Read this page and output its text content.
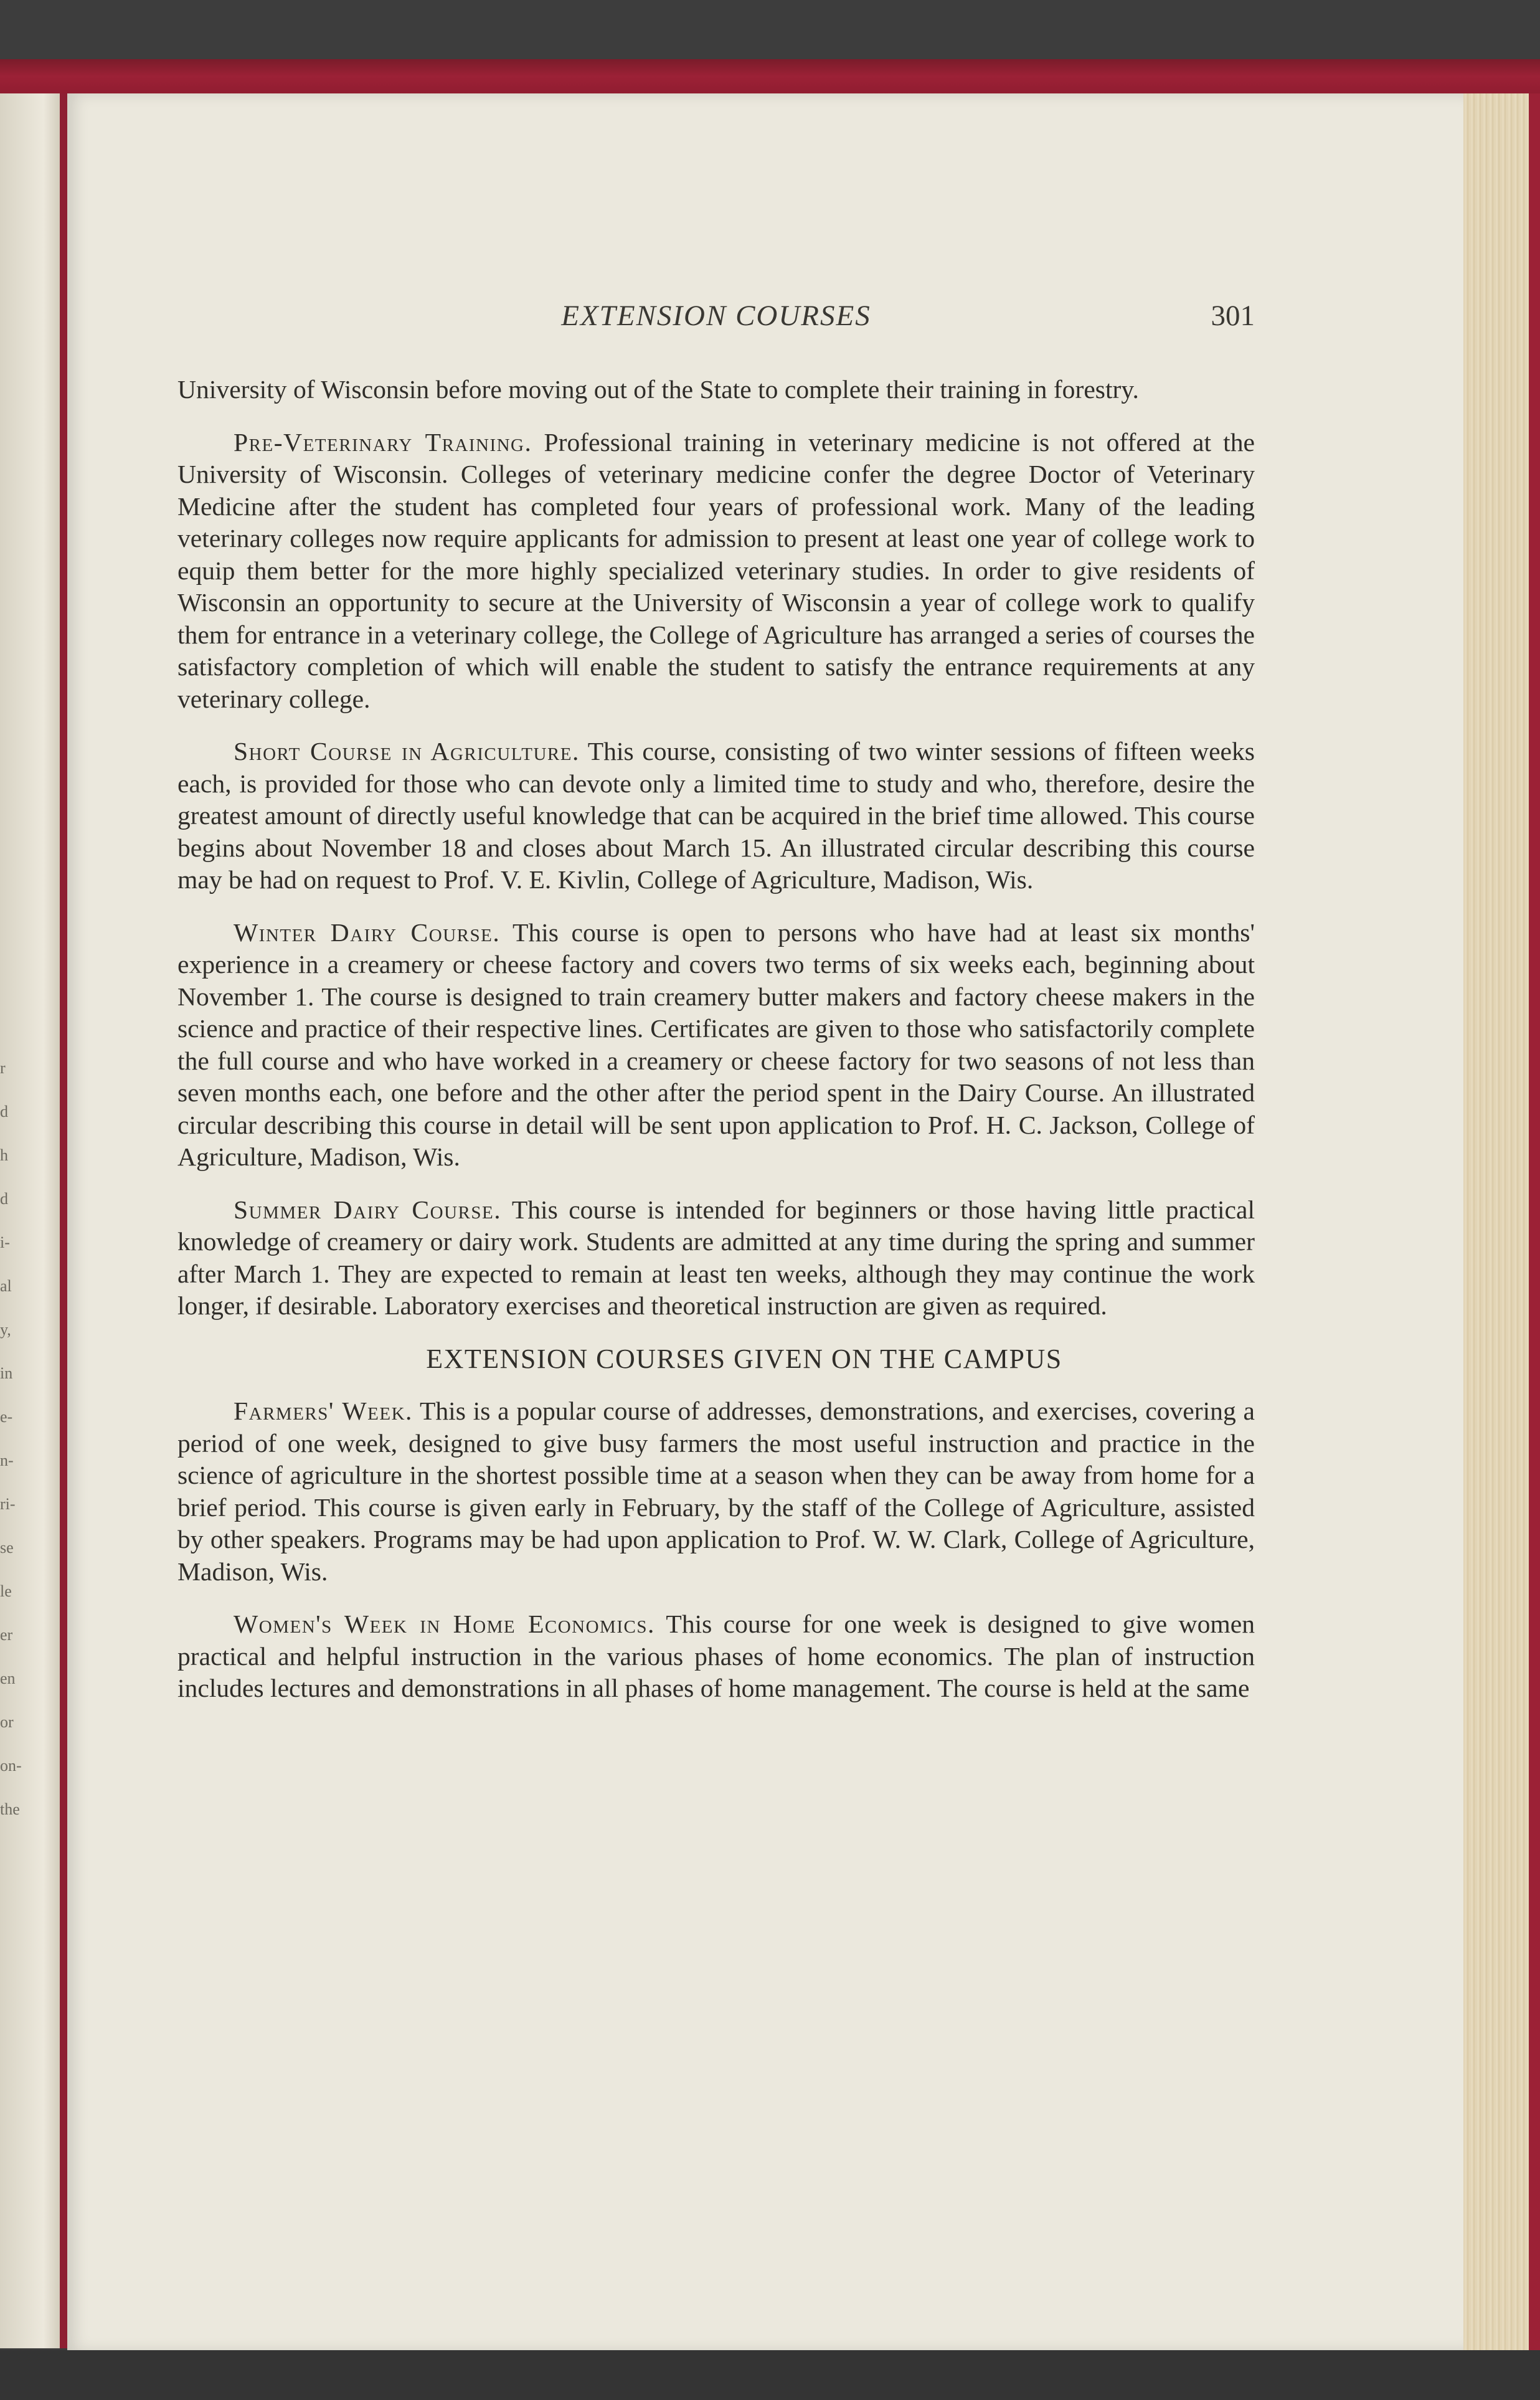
r
d
h
d
i-
al
y,
in
e-
n-
ri-
se
le
er
en
or
on-
the
EXTENSION COURSES	301

University of Wisconsin before moving out of the State to complete their training in forestry.

Pre-Veterinary Training. Professional training in veterinary medicine is not offered at the University of Wisconsin. Colleges of veterinary medicine confer the degree Doctor of Veterinary Medicine after the student has completed four years of professional work. Many of the leading veterinary colleges now require applicants for admission to present at least one year of college work to equip them better for the more highly specialized veterinary studies. In order to give residents of Wisconsin an opportunity to secure at the University of Wisconsin a year of college work to qualify them for entrance in a veterinary college, the College of Agriculture has arranged a series of courses the satisfactory completion of which will enable the student to satisfy the entrance requirements at any veterinary college.

Short Course in Agriculture. This course, consisting of two winter sessions of fifteen weeks each, is provided for those who can devote only a limited time to study and who, therefore, desire the greatest amount of directly useful knowledge that can be acquired in the brief time allowed. This course begins about November 18 and closes about March 15. An illustrated circular describing this course may be had on request to Prof. V. E. Kivlin, College of Agriculture, Madison, Wis.

Winter Dairy Course. This course is open to persons who have had at least six months' experience in a creamery or cheese factory and covers two terms of six weeks each, beginning about November 1. The course is designed to train creamery butter makers and factory cheese makers in the science and practice of their respective lines. Certificates are given to those who satisfactorily complete the full course and who have worked in a creamery or cheese factory for two seasons of not less than seven months each, one before and the other after the period spent in the Dairy Course. An illustrated circular describing this course in detail will be sent upon application to Prof. H. C. Jackson, College of Agriculture, Madison, Wis.

Summer Dairy Course. This course is intended for beginners or those having little practical knowledge of creamery or dairy work. Students are admitted at any time during the spring and summer after March 1. They are expected to remain at least ten weeks, although they may continue the work longer, if desirable. Laboratory exercises and theoretical instruction are given as required.

EXTENSION COURSES GIVEN ON THE CAMPUS

Farmers' Week. This is a popular course of addresses, demonstrations, and exercises, covering a period of one week, designed to give busy farmers the most useful instruction and practice in the science of agriculture in the shortest possible time at a season when they can be away from home for a brief period. This course is given early in February, by the staff of the College of Agriculture, assisted by other speakers. Programs may be had upon application to Prof. W. W. Clark, College of Agriculture, Madison, Wis.

Women's Week in Home Economics. This course for one week is designed to give women practical and helpful instruction in the various phases of home economics. The plan of instruction includes lectures and demonstrations in all phases of home management. The course is held at the same
